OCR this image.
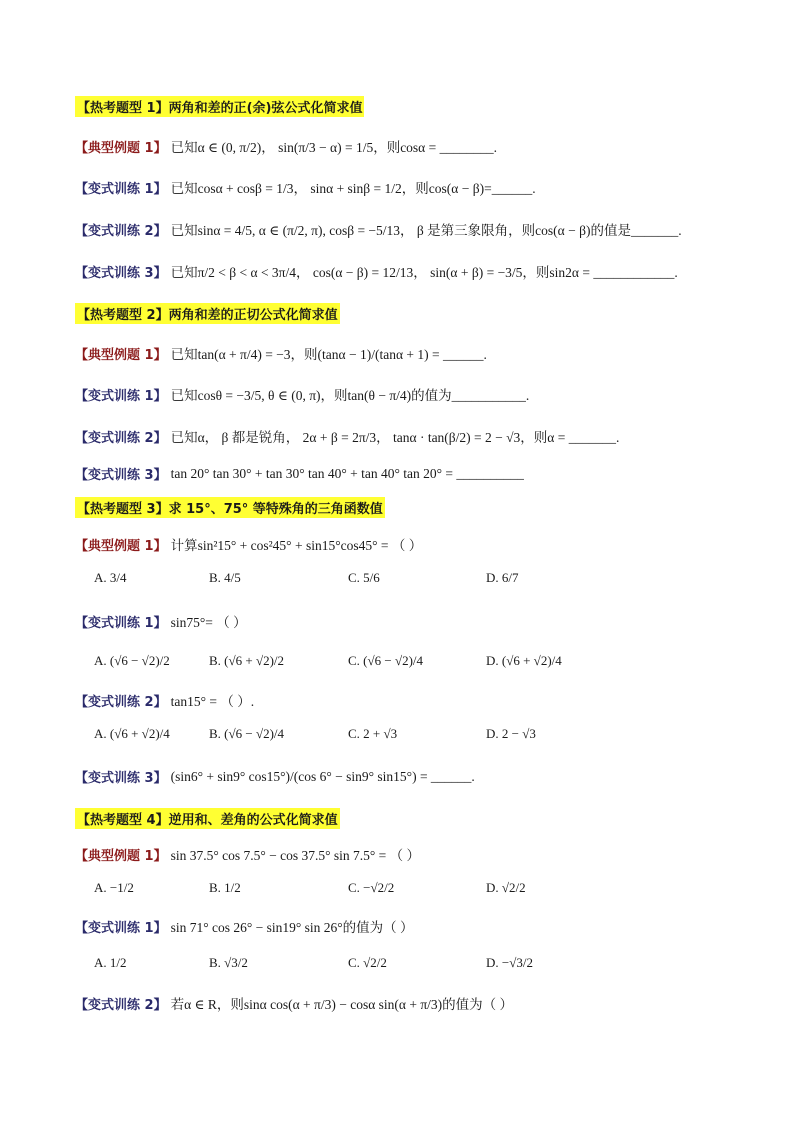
【热考题型 1】两角和差的正(余)弦公式化简求值
【典型例题 1】 已知α ∈ (0, π/2)， sin(π/3 − α) = 1/5，则cosα = ________.
【变式训练 1】 已知cosα + cosβ = 1/3， sinα + sinβ = 1/2，则cos(α − β)=______.
【变式训练 2】 已知sinα = 4/5, α ∈ (π/2, π), cosβ = −5/13， β 是第三象限角，则cos(α − β)的值是_______.
【变式训练 3】 已知π/2 < β < α < 3π/4， cos(α − β) = 12/13， sin(α + β) = −3/5，则sin2α = ____________.
【热考题型 2】两角和差的正切公式化简求值
【典型例题 1】 已知tan(α + π/4) = −3，则(tanα − 1)/(tanα + 1) = ______.
【变式训练 1】 已知cosθ = −3/5, θ ∈ (0, π)，则tan(θ − π/4)的值为___________.
【变式训练 2】 已知α， β 都是锐角， 2α + β = 2π/3， tanα · tan(β/2) = 2 − √3，则α = _______.
【变式训练 3】 tan 20° tan 30° + tan 30° tan 40° + tan 40° tan 20° = __________
【热考题型 3】求 15°、75° 等特殊角的三角函数值
【典型例题 1】 计算sin²15° + cos²45° + sin15°cos45° = （ ）
A. 3/4	B. 4/5	C. 5/6	D. 6/7
【变式训练 1】 sin75°= （ ）
A. (√6 − √2)/2	B. (√6 + √2)/2	C. (√6 − √2)/4	D. (√6 + √2)/4
【变式训练 2】 tan15° = （ ）.
A. (√6 + √2)/4	B. (√6 − √2)/4	C. 2 + √3	D. 2 − √3
【变式训练 3】 (sin6° + sin9° cos15°)/(cos 6° − sin9° sin15°) = ______.
【热考题型 4】逆用和、差角的公式化简求值
【典型例题 1】 sin 37.5° cos 7.5° − cos 37.5° sin 7.5° = （ ）
A. −1/2	B. 1/2	C. −√2/2	D. √2/2
【变式训练 1】 sin 71° cos 26° − sin19° sin 26°的值为（ ）
A. 1/2	B. √3/2	C. √2/2	D. −√3/2
【变式训练 2】 若α ∈ R，则sinα cos(α + π/3) − cosα sin(α + π/3)的值为（ ）
